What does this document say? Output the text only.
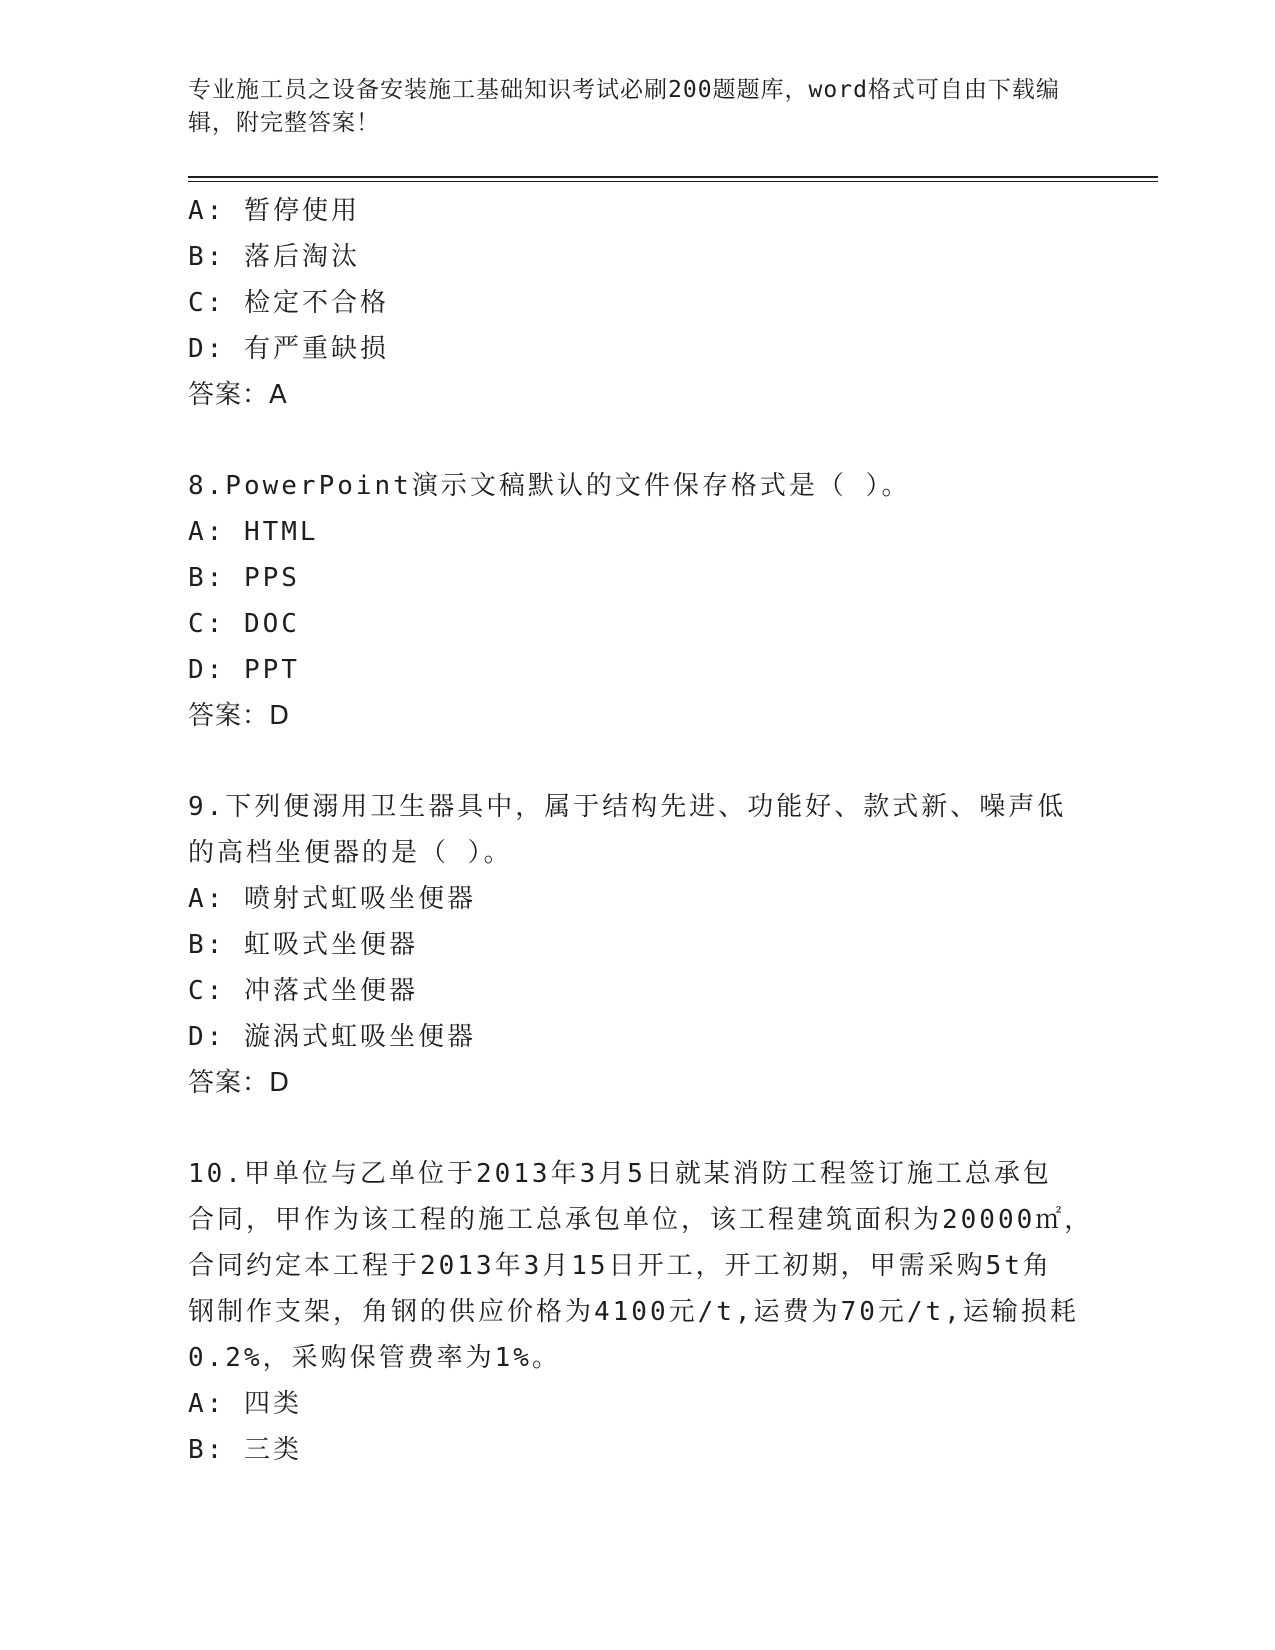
专业施工员之设备安装施工基础知识考试必刷200题题库，word格式可自由下载编辑，附完整答案！
A: 暂停使用
B: 落后淘汰
C: 检定不合格
D: 有严重缺损
答案：A
8.PowerPoint演示文稿默认的文件保存格式是（ ）。
A: HTML
B: PPS
C: DOC
D: PPT
答案：D
9.下列便溺用卫生器具中，属于结构先进、功能好、款式新、噪声低
的高档坐便器的是（ ）。
A: 喷射式虹吸坐便器
B: 虹吸式坐便器
C: 冲落式坐便器
D: 漩涡式虹吸坐便器
答案：D
10.甲单位与乙单位于2013年3月5日就某消防工程签订施工总承包
合同，甲作为该工程的施工总承包单位，该工程建筑面积为20000㎡，
合同约定本工程于2013年3月15日开工，开工初期，甲需采购5t角
钢制作支架，角钢的供应价格为4100元/t,运费为70元/t,运输损耗
0.2%，采购保管费率为1%。
A: 四类
B: 三类
